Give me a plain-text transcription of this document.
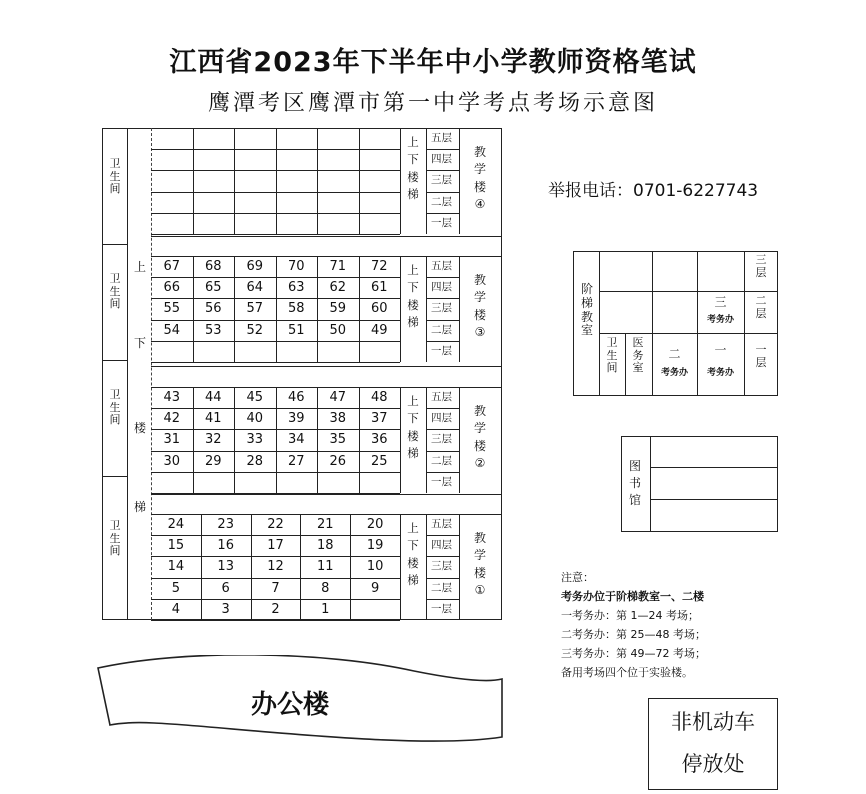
江西省2023年下半年中小学教师资格笔试
鹰潭考区鹰潭市第一中学考点考场示意图
举报电话：0701-6227743
卫
生
间
卫
生
间
卫
生
间
卫
生
间
上
下
楼
梯
上
下
楼
梯
五层
四层
三层
二层
一层
教
学
楼
④
67	68	69	70	71	72
66	65	64	63	62	61
55	56	57	58	59	60
54	53	52	51	50	49
上
下
楼
梯
五层
四层
三层
二层
一层
教
学
楼
③
43	44	45	46	47	48
42	41	40	39	38	37
31	32	33	34	35	36
30	29	28	27	26	25
上
下
楼
梯
五层
四层
三层
二层
一层
教
学
楼
②
24	23	22	21	20
15	16	17	18	19
14	13	12	11	10
5	6	7	8	9
4	3	2	1
上
下
楼
梯
五层
四层
三层
二层
一层
教
学
楼
①
阶
梯
教
室
卫
生
间
医
务
室
三
考务办
二
考务办
一
考务办
三
层
二
层
一
层
图
书
馆
注意：
考务办位于阶梯教室一、二楼
一考务办：第 1—24 考场；
二考务办：第 25—48 考场；
三考务办：第 49—72 考场；
备用考场四个位于实验楼。
办公楼
非机动车
停放处
